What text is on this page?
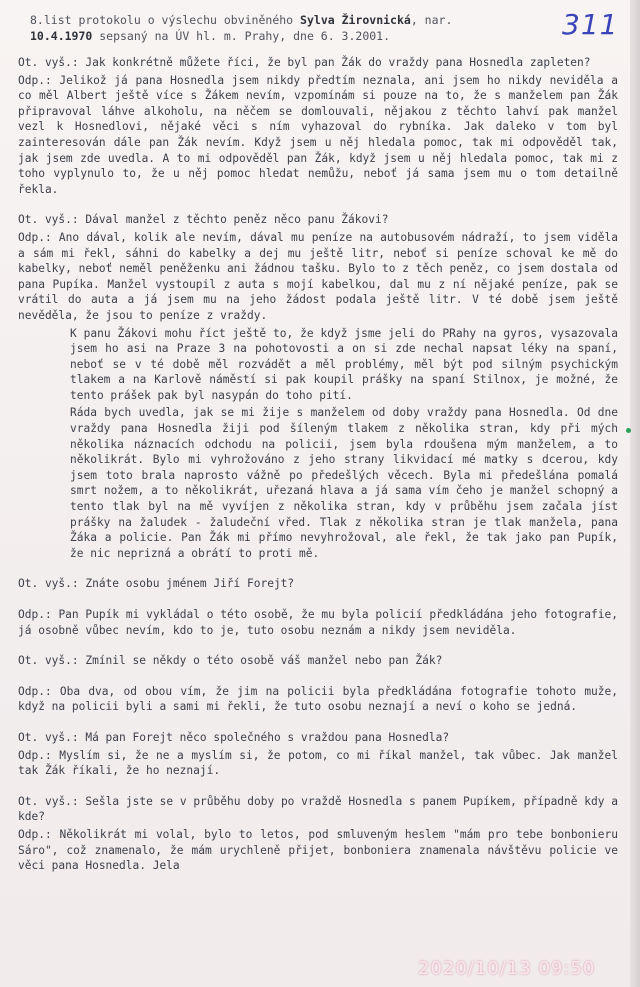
311
8.list protokolu o výslechu obviněného Sylva Žirovnická, nar.
10.4.1970 sepsaný na ÚV hl. m. Prahy, dne 6. 3.2001.

Ot. vyš.: Jak konkrétně můžete říci, že byl pan Žák do vraždy pana Hosnedla zapleten?

Odp.: Jelikož já pana Hosnedla jsem nikdy předtím neznala, ani jsem ho nikdy neviděla a co měl Albert ještě více s Žákem nevím, vzpomínám si pouze na to, že s manželem pan Žák připravoval láhve alkoholu, na něčem se domlouvali, nějakou z těchto lahví pak manžel vezl k Hosnedlovi, nějaké věci s ním vyhazoval do rybníka. Jak daleko v tom byl zainteresován dále pan Žák nevím. Když jsem u něj hledala pomoc, tak mi odpověděl tak, jak jsem zde uvedla. A to mi odpověděl pan Žák, když jsem u něj hledala pomoc, tak mi z toho vyplynulo to, že u něj pomoc hledat nemůžu, neboť já sama jsem mu o tom detailně řekla.

Ot. vyš.: Dával manžel z těchto peněz něco panu Žákovi?

Odp.: Ano dával, kolik ale nevím, dával mu peníze na autobusovém nádraží, to jsem viděla a sám mi řekl, sáhni do kabelky a dej mu ještě litr, neboť si peníze schoval ke mě do kabelky, neboť neměl peněženku ani žádnou tašku. Bylo to z těch peněz, co jsem dostala od pana Pupíka. Manžel vystoupil z auta s mojí kabelkou, dal mu z ní nějaké peníze, pak se vrátil do auta a já jsem mu na jeho žádost podala ještě litr. V té době jsem ještě nevěděla, že jsou to peníze z vraždy.

K panu Žákovi mohu říct ještě to, že když jsme jeli do PRahy na gyros, vysazovala jsem ho asi na Praze 3 na pohotovosti a on si zde nechal napsat léky na spaní, neboť se v té době měl rozvádět a měl problémy, měl být pod silným psychickým tlakem a na Karlově náměstí si pak koupil prášky na spaní Stilnox, je možné, že tento prášek pak byl nasypán do toho pití.

Ráda bych uvedla, jak se mi žije s manželem od doby vraždy pana Hosnedla. Od dne vraždy pana Hosnedla žiji pod šíleným tlakem z několika stran, kdy při mých několika náznacích odchodu na policii, jsem byla rdoušena mým manželem, a to několikrát. Bylo mi vyhrožováno z jeho strany likvidací mé matky s dcerou, kdy jsem toto brala naprosto vážně po předešlých věcech. Byla mi předešlána pomalá smrt nožem, a to několikrát, uřezaná hlava a já sama vím čeho je manžel schopný a tento tlak byl na mě vyvíjen z několika stran, kdy v průběhu jsem začala jíst prášky na žaludek - žaludeční vřed. Tlak z několika stran je tlak manžela, pana Žáka a policie. Pan Žák mi přímo nevyhrožoval, ale řekl, že tak jako pan Pupík, že nic neprizná a obrátí to proti mě.

Ot. vyš.: Znáte osobu jménem Jiří Forejt?

Odp.: Pan Pupík mi vykládal o této osobě, že mu byla policií předkládána jeho fotografie, já osobně vůbec nevím, kdo to je, tuto osobu neznám a nikdy jsem neviděla.

Ot. vyš.: Zmínil se někdy o této osobě váš manžel nebo pan Žák?

Odp.: Oba dva, od obou vím, že jim na policii byla předkládána fotografie tohoto muže, když na policii byli a sami mi řekli, že tuto osobu neznají a neví o koho se jedná.

Ot. vyš.: Má pan Forejt něco společného s vraždou pana Hosnedla?

Odp.: Myslím si, že ne a myslím si, že potom, co mi říkal manžel, tak vůbec. Jak manžel tak Žák říkali, že ho neznají.

Ot. vyš.: Sešla jste se v průběhu doby po vraždě Hosnedla s panem Pupíkem, případně kdy a kde?

Odp.: Několikrát mi volal, bylo to letos, pod smluveným heslem "mám pro tebe bonbonieru Sáro", což znamenalo, že mám urychleně přijet, bonboniera znamenala návštěvu policie ve věci pana Hosnedla. Jela

2020/10/13 09:50
